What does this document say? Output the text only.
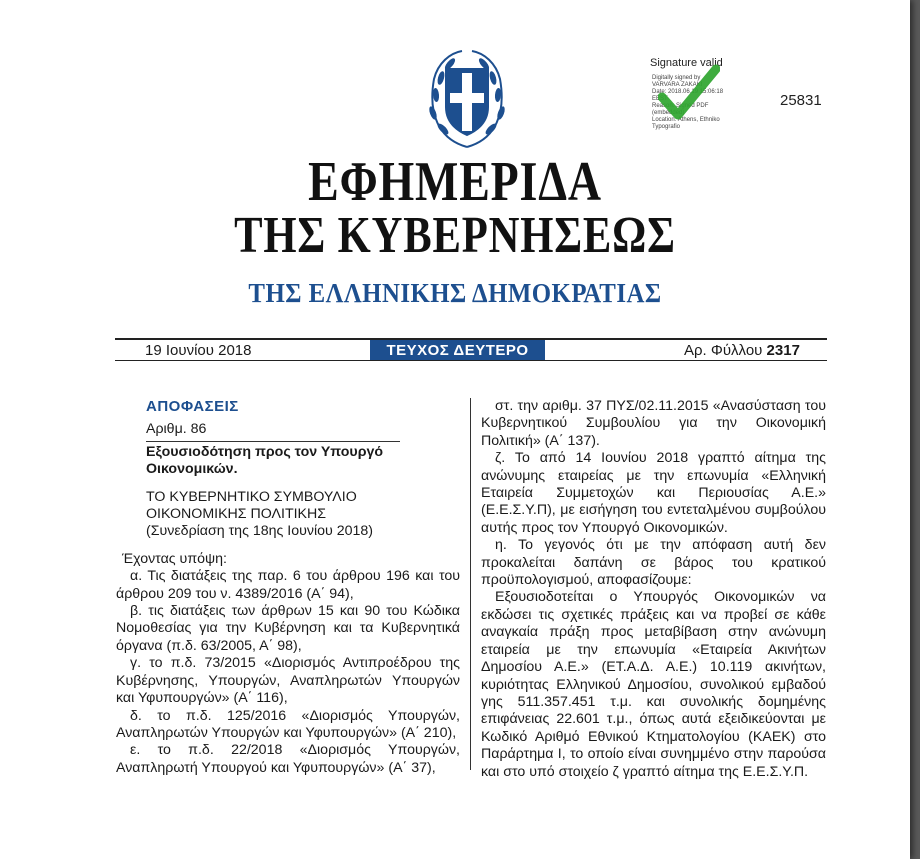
Signature valid
Digitally signed by
VARVARA ZAKAKI
Date: 2018.06.19 15:06:18
EEST
Reason: Signed PDF
(embedded)
Location: Athens, Ethniko
Typografio
25831
ΕΦΗΜΕΡΙΔΑ
ΤΗΣ ΚΥΒΕΡΝΗΣΕΩΣ
ΤΗΣ ΕΛΛΗΝΙΚΗΣ ΔΗΜΟΚΡΑΤΙΑΣ
19 Ιουνίου 2018	ΤΕΥΧΟΣ ΔΕΥΤΕΡΟ	Αρ. Φύλλου 2317
ΑΠΟΦΑΣΕΙΣ
Αριθμ. 86
Εξουσιοδότηση προς τον Υπουργό Οικονομικών.
ΤΟ ΚΥΒΕΡΝΗΤΙΚΟ ΣΥΜΒΟΥΛΙΟ
ΟΙΚΟΝΟΜΙΚΗΣ ΠΟΛΙΤΙΚΗΣ
(Συνεδρίαση της 18ης Ιουνίου 2018)
Έχοντας υπόψη:
α. Τις διατάξεις της παρ. 6 του άρθρου 196 και του άρθρου 209 του ν. 4389/2016 (Α΄ 94),
β. τις διατάξεις των άρθρων 15 και 90 του Κώδικα Νομοθεσίας για την Κυβέρνηση και τα Κυβερνητικά όργανα (π.δ. 63/2005, Α΄ 98),
γ. το π.δ. 73/2015 «Διορισμός Αντιπροέδρου της Κυβέρνησης, Υπουργών, Αναπληρωτών Υπουργών και Υφυπουργών» (Α΄ 116),
δ. το π.δ. 125/2016 «Διορισμός Υπουργών, Αναπληρωτών Υπουργών και Υφυπουργών» (Α΄ 210),
ε. το π.δ. 22/2018 «Διορισμός Υπουργών, Αναπληρωτή Υπουργού και Υφυπουργών» (Α΄ 37),
στ. την αριθμ. 37 ΠΥΣ/02.11.2015 «Ανασύσταση του Κυβερνητικού Συμβουλίου για την Οικονομική Πολιτική» (Α΄ 137).
ζ. Το από 14 Ιουνίου 2018 γραπτό αίτημα της ανώνυμης εταιρείας με την επωνυμία «Ελληνική Εταιρεία Συμμετοχών και Περιουσίας Α.Ε.» (Ε.Ε.Σ.Υ.Π), με εισήγηση του εντεταλμένου συμβούλου αυτής προς τον Υπουργό Οικονομικών.
η. Το γεγονός ότι με την απόφαση αυτή δεν προκαλείται δαπάνη σε βάρος του κρατικού προϋπολογισμού, αποφασίζουμε:
Εξουσιοδοτείται ο Υπουργός Οικονομικών να εκδώσει τις σχετικές πράξεις και να προβεί σε κάθε αναγκαία πράξη προς μεταβίβαση στην ανώνυμη εταιρεία με την επωνυμία «Εταιρεία Ακινήτων Δημοσίου Α.Ε.» (ΕΤ.Α.Δ. Α.Ε.) 10.119 ακινήτων, κυριότητας Ελληνικού Δημοσίου, συνολικού εμβαδού γης 511.357.451 τ.μ. και συνολικής δομημένης επιφάνειας 22.601 τ.μ., όπως αυτά εξειδικεύονται με Κωδικό Αριθμό Εθνικού Κτηματολογίου (ΚΑΕΚ) στο Παράρτημα Ι, το οποίο είναι συνημμένο στην παρούσα και στο υπό στοιχείο ζ γραπτό αίτημα της Ε.Ε.Σ.Υ.Π.
